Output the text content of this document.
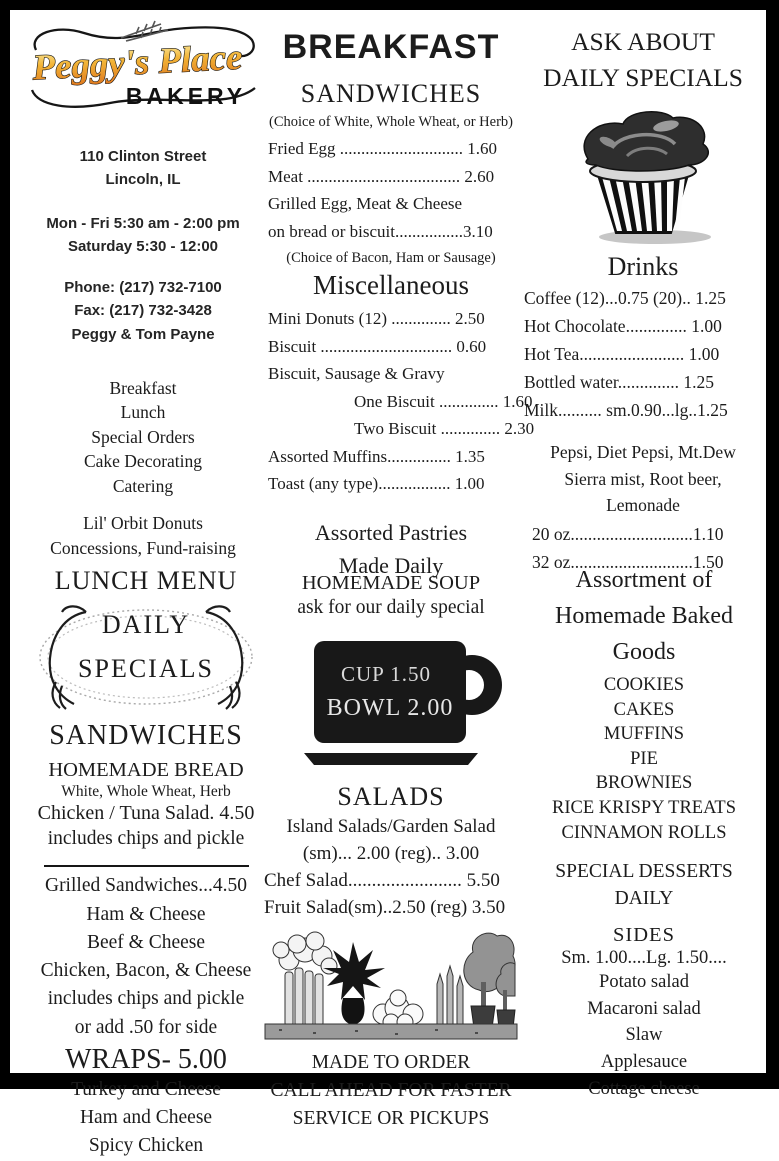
Peggy's Place
BAKERY
110 Clinton Street
Lincoln, IL
Mon - Fri 5:30 am - 2:00 pm
Saturday 5:30 - 12:00
Phone: (217) 732-7100
Fax: (217) 732-3428
Peggy & Tom Payne
Breakfast
Lunch
Special Orders
Cake Decorating
Catering
Lil' Orbit Donuts
Concessions, Fund-raising
BREAKFAST
SANDWICHES
(Choice of White, Whole Wheat, or Herb)
Fried Egg ............................. 1.60
Meat .................................... 2.60
Grilled Egg, Meat & Cheese
on bread or biscuit................3.10
(Choice of Bacon, Ham or Sausage)
Miscellaneous
Mini Donuts (12) .............. 2.50
Biscuit ............................... 0.60
Biscuit, Sausage & Gravy
One Biscuit .............. 1.60
Two Biscuit .............. 2.30
Assorted Muffins............... 1.35
Toast (any type)................. 1.00
Assorted Pastries
Made Daily
ASK ABOUT
DAILY SPECIALS
Drinks
Coffee (12)...0.75 (20).. 1.25
Hot Chocolate.............. 1.00
Hot Tea........................ 1.00
Bottled water.............. 1.25
Milk.......... sm.0.90...lg..1.25
Pepsi, Diet Pepsi, Mt.Dew
Sierra mist, Root beer,
Lemonade
20 oz............................1.10
32 oz............................1.50
LUNCH MENU
DAILY
SPECIALS
SANDWICHES
HOMEMADE BREAD
White, Whole Wheat, Herb
Chicken / Tuna Salad. 4.50
includes chips and pickle
Grilled Sandwiches...4.50
Ham & Cheese
Beef & Cheese
Chicken, Bacon, & Cheese
includes chips and pickle
or add .50 for side
WRAPS- 5.00
Turkey and Cheese
Ham and Cheese
Spicy Chicken
HOMEMADE SOUP
ask for our daily special
CUP 1.50
BOWL 2.00
SALADS
Island Salads/Garden Salad
(sm)... 2.00 (reg).. 3.00
Chef Salad........................ 5.50
Fruit Salad(sm)..2.50 (reg) 3.50
MADE TO ORDER
CALL AHEAD FOR FASTER
SERVICE OR PICKUPS
Assortment of
Homemade Baked
Goods
COOKIES
CAKES
MUFFINS
PIE
BROWNIES
RICE KRISPY TREATS
CINNAMON ROLLS
SPECIAL DESSERTS
DAILY
SIDES
Sm. 1.00....Lg. 1.50....
Potato salad
Macaroni salad
Slaw
Applesauce
Cottage cheese
